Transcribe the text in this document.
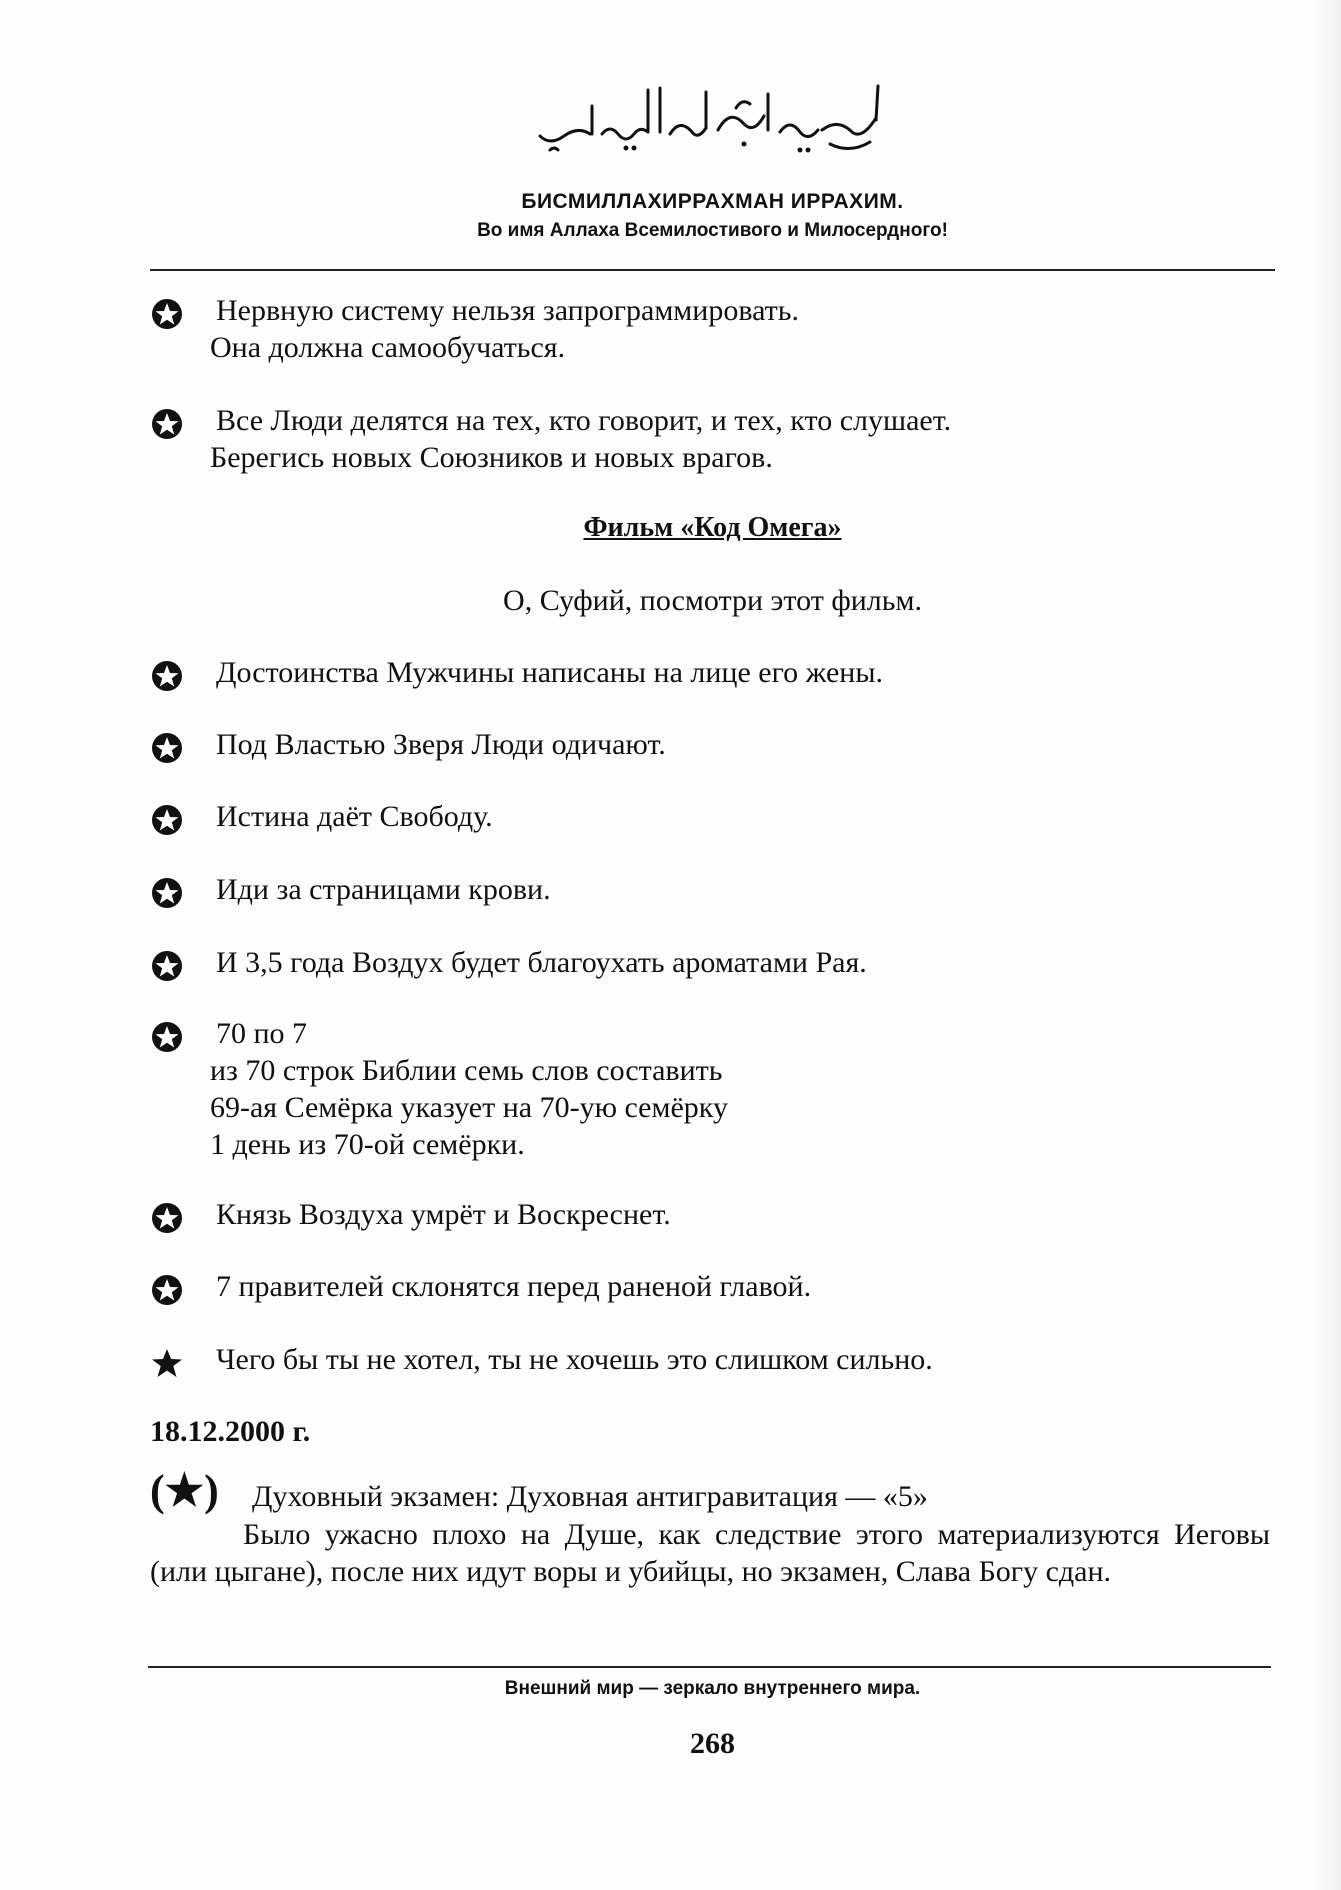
БИСМИЛЛАХИРРАХМАН ИРРАХИМ.
Во имя Аллаха Всемилостивого и Милосердного!
Нервную систему нельзя запрограммировать.
Она должна самообучаться.
Все Люди делятся на тех, кто говорит, и тех, кто слушает.
Берегись новых Союзников и новых врагов.
Фильм «Код Омега»
О, Суфий, посмотри этот фильм.
Достоинства Мужчины написаны на лице его жены.
Под Властью Зверя Люди одичают.
Истина даёт Свободу.
Иди за страницами крови.
И 3,5 года Воздух будет благоухать ароматами Рая.
70 по 7
из 70 строк Библии семь слов составить
69-ая Семёрка указует на 70-ую семёрку
1 день из 70-ой семёрки.
Князь Воздуха умрёт и Воскреснет.
7 правителей склонятся перед раненой главой.
Чего бы ты не хотел, ты не хочешь это слишком сильно.
18.12.2000 г.
(★) Духовный экзамен: Духовная антигравитация — «5»

Было ужасно плохо на Душе, как следствие этого материализуются Иеговы (или цыгане), после них идут воры и убийцы, но экзамен, Слава Богу сдан.

Внешний мир — зеркало внутреннего мира.
268
